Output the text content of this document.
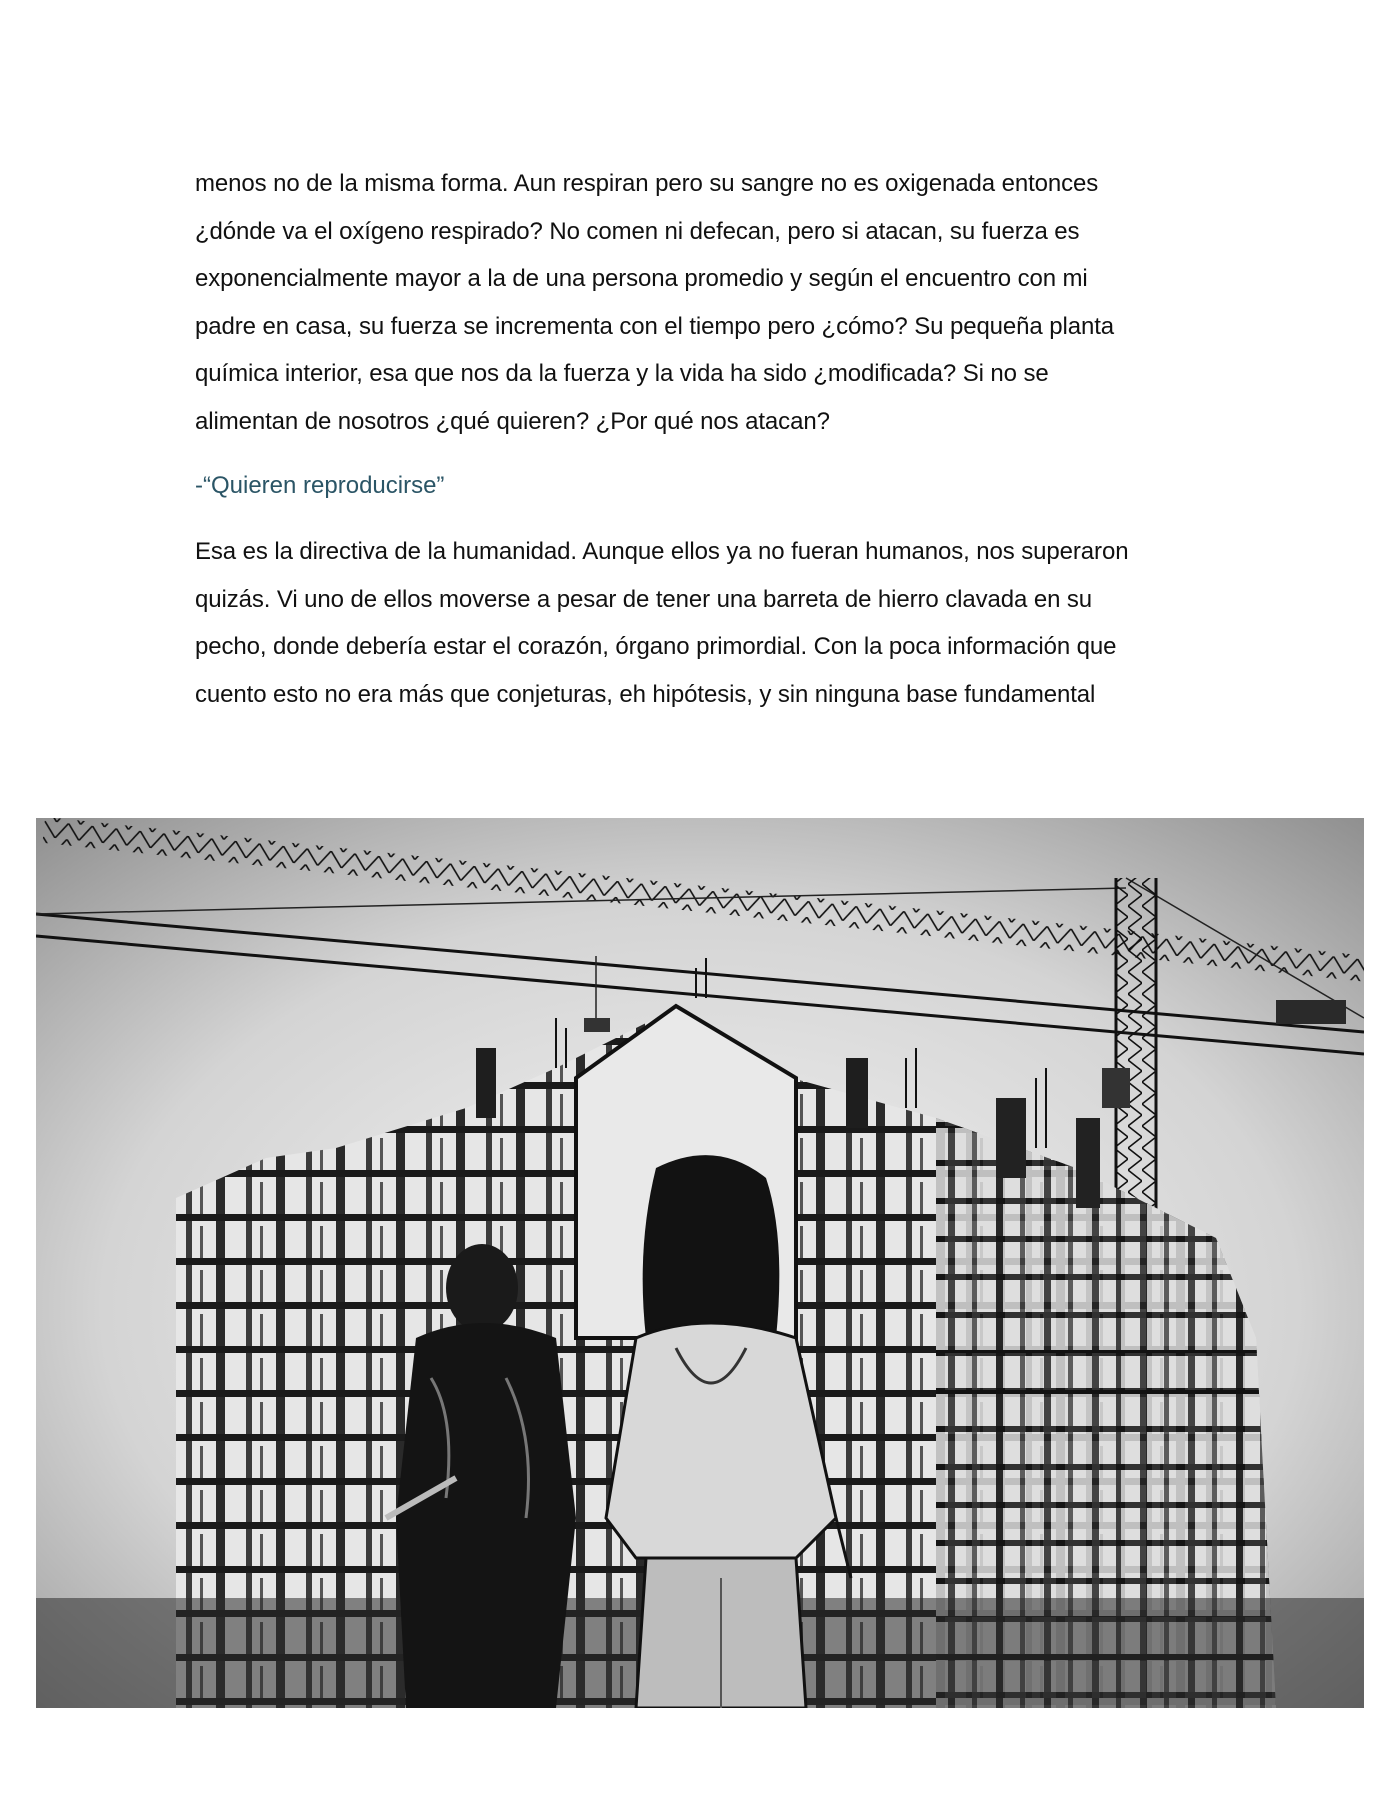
menos no de la misma forma. Aun respiran pero su sangre no es oxigenada entonces
¿dónde va el oxígeno respirado? No comen ni defecan, pero si atacan, su fuerza es
exponencialmente mayor a la de una persona promedio y según el encuentro con mi
padre en casa, su fuerza se incrementa con el tiempo pero ¿cómo? Su pequeña planta
química interior, esa que nos da la fuerza y la vida ha sido ¿modificada? Si no se
alimentan de nosotros ¿qué quieren? ¿Por qué nos atacan?
-“Quieren reproducirse”
Esa es la directiva de la humanidad. Aunque ellos ya no fueran humanos, nos superaron
quizás. Vi uno de ellos moverse a pesar de tener una barreta de hierro clavada en su
pecho, donde debería estar el corazón, órgano primordial. Con la poca información que
cuento esto no era más que conjeturas, eh hipótesis, y sin ninguna base fundamental
